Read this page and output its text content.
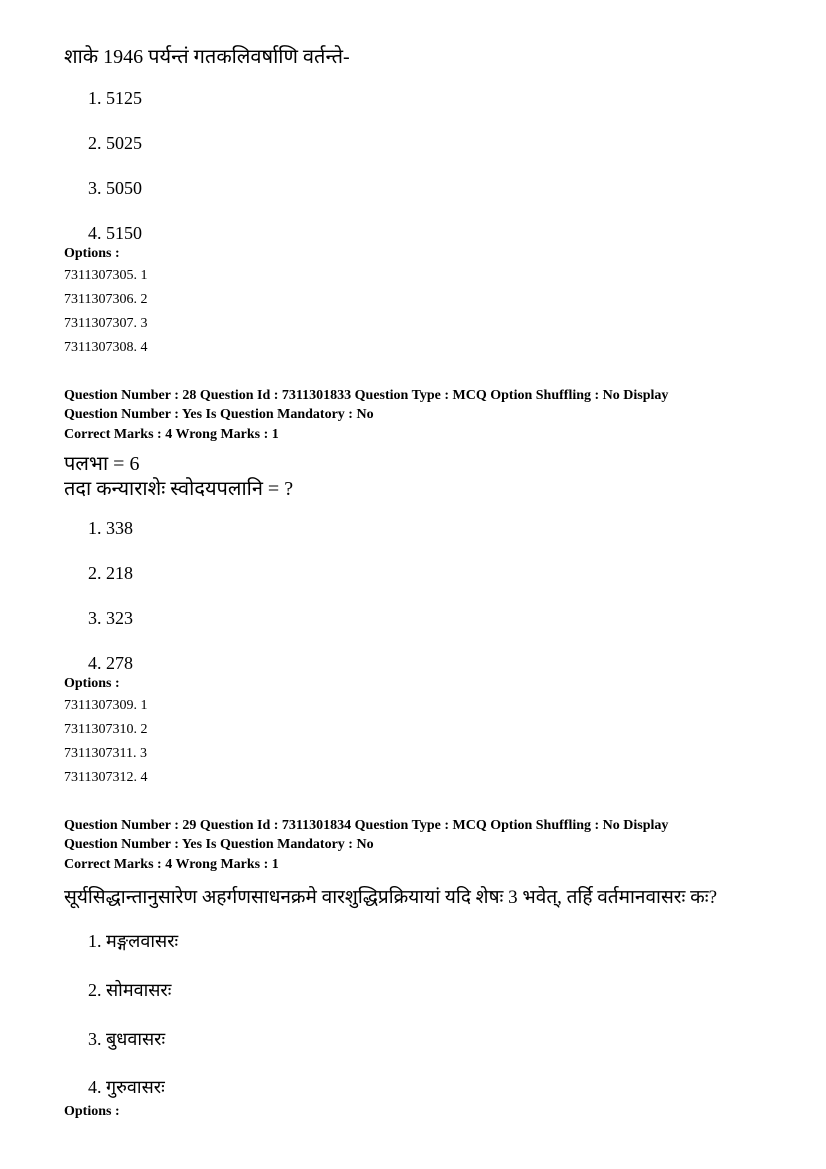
शाके 1946 पर्यन्तं गतकलिवर्षाणि वर्तन्ते-
1. 5125
2. 5025
3. 5050
4. 5150
Options :
7311307305. 1
7311307306. 2
7311307307. 3
7311307308. 4
Question Number : 28 Question Id : 7311301833 Question Type : MCQ Option Shuffling : No Display
Question Number : Yes Is Question Mandatory : No
Correct Marks : 4 Wrong Marks : 1
पलभा = 6
तदा कन्याराशेः स्वोदयपलानि = ?
1. 338
2. 218
3. 323
4. 278
Options :
7311307309. 1
7311307310. 2
7311307311. 3
7311307312. 4
Question Number : 29 Question Id : 7311301834 Question Type : MCQ Option Shuffling : No Display
Question Number : Yes Is Question Mandatory : No
Correct Marks : 4 Wrong Marks : 1
सूर्यसिद्धान्तानुसारेण अहर्गणसाधनक्रमे वारशुद्धिप्रक्रियायां यदि शेषः 3 भवेत्, तर्हि वर्तमानवासरः कः?
1. मङ्गलवासरः
2. सोमवासरः
3. बुधवासरः
4. गुरुवासरः
Options :
